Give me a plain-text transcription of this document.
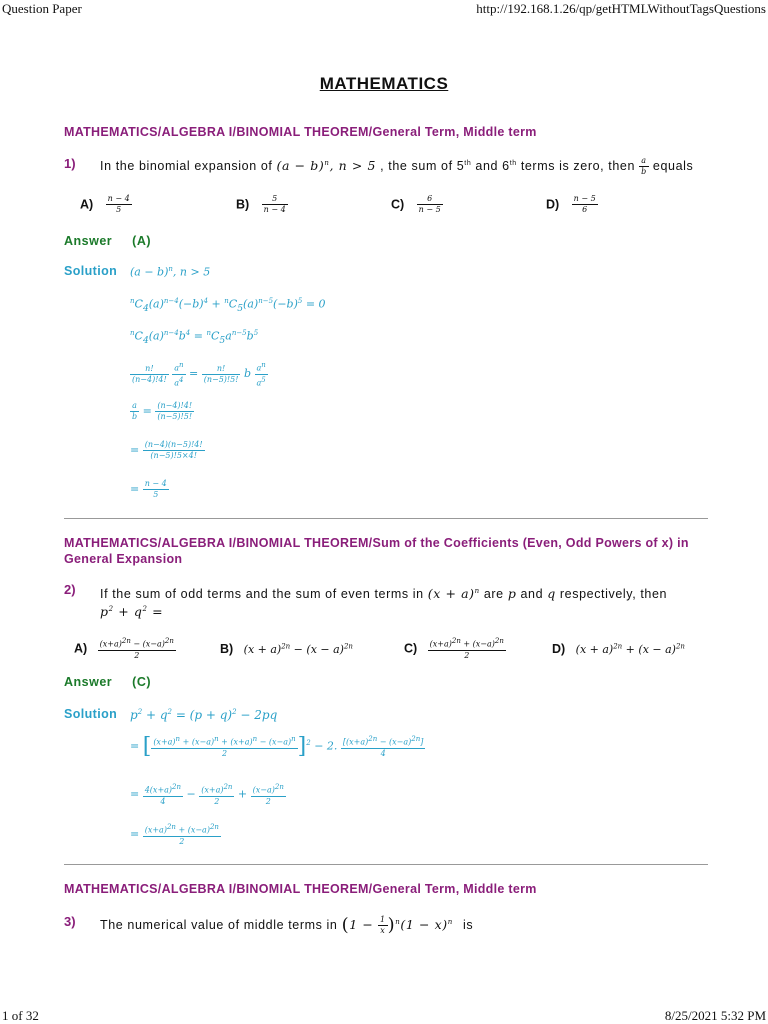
Question Paper	http://192.168.1.26/qp/getHTMLWithoutTagsQuestions
1 of 32	8/25/2021 5:32 PM
MATHEMATICS
MATHEMATICS/ALGEBRA I/BINOMIAL THEOREM/General Term, Middle term
1) In the binomial expansion of $(a - b)^n$, n > 5 , the sum of 5th and 6th terms is zero, then $\frac{a}{b}$ equals
$A) \frac{n - 4}{5}$	$B) \frac{5}{n - 4}$	$C) \frac{6}{n - 5}$	$D) \frac{n - 5}{6}$
Answer (A)
Solution $(a - b)^n$, n > 5
$^nC_4(a)^{n-4}(-b)^4 + ^nC_5(a)^{n-5}(-b)^5 = 0$
$^nC_4(a)^{n-4}b^4 = ^nC_5a^{n-5}b^5$
$\frac{n!}{(n-4)!4!}$
$\frac{a^n}{a^4} = \frac{n!}{(n-5)!5!}$ b $\frac{a^n}{a^5}$
$\frac{a}{b} = \frac{(n-4)!4!}{(n-5)!5!}$
= $\frac{(n-4)(n-5)!4!}{(n-5)!5\times 4!}$
= $\frac{n - 4}{5}$
MATHEMATICS/ALGEBRA I/BINOMIAL THEOREM/Sum of the Coefficients (Even, Odd Powers of x) in General Expansion
2) If the sum of odd terms and the sum of even terms in $(x + a)^n$ are p and q respectively, then
$p^2 + q^2$ =
$A) \frac{(x+a)^{2n} - (x-a)^{2n}}{2}$	B) $(x + a)^{2n} - (x - a)^{2n}$	$C) \frac{(x+a)^{2n} + (x-a)^{2n}}{2}$	D) $(x + a)^{2n} + (x - a)^{2n}$
Answer (C)
Solution $p^2 + q^2 = (p + q)^2 - 2pq$
= [ $\frac{(x+a)^n + (x-a)^n + (x+a)^n - (x-a)^n}{2} ]^2 - 2$. $\frac{[(x+a)^{2n} - (x-a)^{2n}]}{4}$
= $\frac{4(x+a)^{2n}}{4} - \frac{(x+a)^{2n}}{2} + \frac{(x-a)^{2n}}{2}$
= $\frac{(x+a)^{2n} + (x-a)^{2n}}{2}$
MATHEMATICS/ALGEBRA I/BINOMIAL THEOREM/General Term, Middle term
3) The numerical value of middle terms in $(1 - \frac{1}{x} )^n(1 - x)^n$ is
